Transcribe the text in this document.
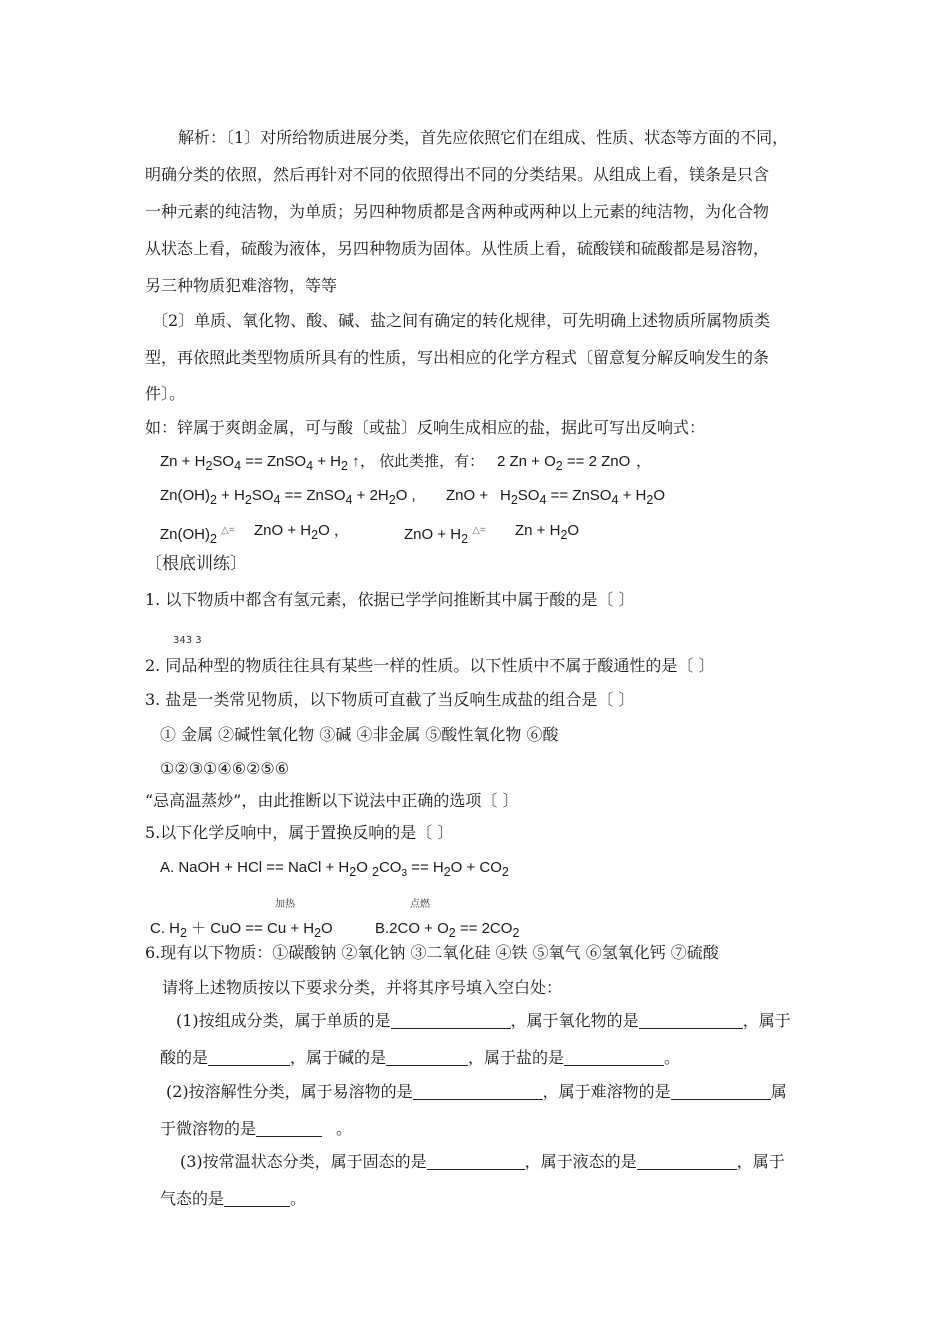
解析：〔1〕对所给物质进展分类，首先应依照它们在组成、性质、状态等方面的不同，
明确分类的依照，然后再针对不同的依照得出不同的分类结果。从组成上看，镁条是只含
一种元素的纯洁物，为单质；另四种物质都是含两种或两种以上元素的纯洁物，为化合物
从状态上看，硫酸为液体，另四种物质为固体。从性质上看，硫酸镁和硫酸都是易溶物，
另三种物质犯难溶物，等等
〔2〕单质、氧化物、酸、碱、盐之间有确定的转化规律，可先明确上述物质所属物质类
型，再依照此类型物质所具有的性质，写出相应的化学方程式〔留意复分解反响发生的条
件〕。
如：锌属于爽朗金属，可与酸〔或盐〕反响生成相应的盐，据此可写出反响式：
$Zn + H_2SO_4$ == ZnSO$_4$ + $H_2$ ↑ ， 依此类推，有： 2 $Zn + O_2 == 2$ ZnO ，
$Zn(OH)_2 + H_2SO_4$ == ZnSO$_4$ + $2H_2O$ , ZnO + $H_2SO_4$ == ZnSO$_4$ + $H_2O$
$Zn(OH)_2$ △= ZnO + $H_2O$ ，	ZnO + $H_2$ △= $Zn + H_2O$
〔根底训练〕
1. 以下物质中都含有氢元素，依据已学学问推断其中属于酸的是〔 〕
343 3
2. 同品种型的物质往往具有某些一样的性质。以下性质中不属于酸通性的是〔 〕
3. 盐是一类常见物质，以下物质可直截了当反响生成盐的组合是〔 〕
① 金属 ②碱性氧化物 ③碱 ④非金属 ⑤酸性氧化物 ⑥酸
①②③①④⑥②⑤⑥
“忌高温蒸炒”，由此推断以下说法中正确的选项〔 〕
5.以下化学反响中，属于置换反响的是〔 〕
A. NaOH + HCl == NaCl + $H_2O$ $_2CO_3 == H_2O + CO_2$
加热	点燃
C. $H_2$ ＋ CuO == $Cu + H_2O$	$B.2CO + O_2 == 2CO_2$
6.现有以下物质：①碳酸钠 ②氧化钠 ③二氧化硅 ④铁 ⑤氧气 ⑥氢氧化钙 ⑦硫酸
请将上述物质按以下要求分类，并将其序号填入空白处：
(1)按组成分类，属于单质的是	，属于氧化物的是	，属于
酸的是	，属于碱的是	，属于盐的是	。
(2)按溶解性分类，属于易溶物的是	，属于难溶物的是	属
于微溶物的是	。
(3)按常温状态分类，属于固态的是	，属于液态的是	，属于
气态的是	。
